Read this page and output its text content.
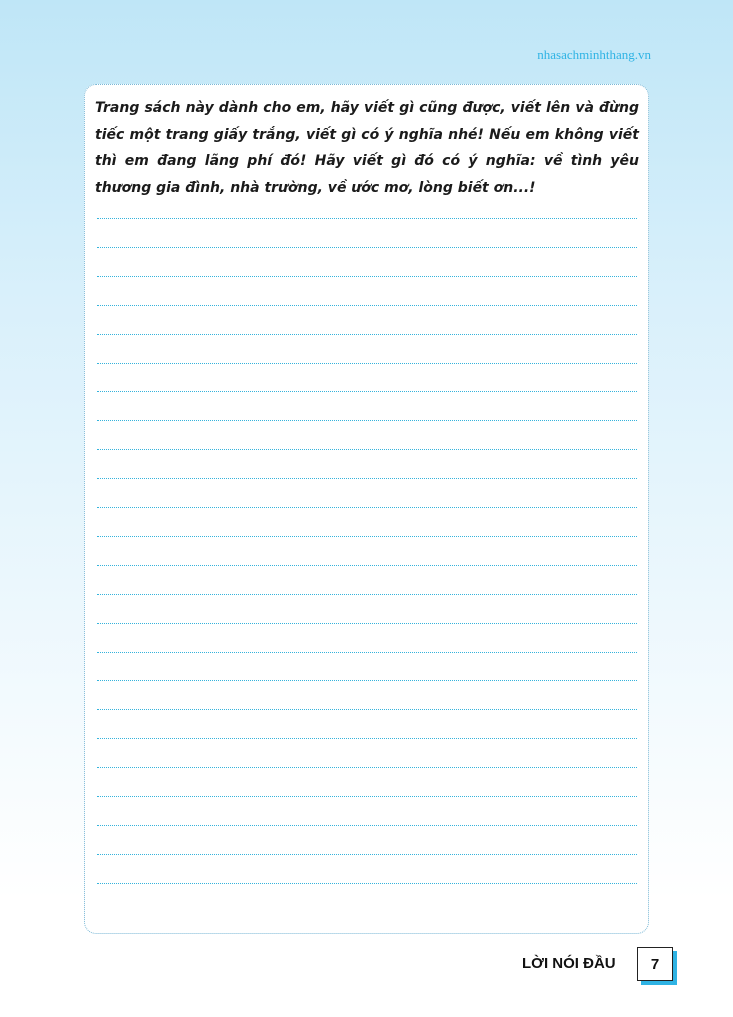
nhasachminhthang.vn
Trang sách này dành cho em, hãy viết gì cũng được, viết lên và đừng tiếc một trang giấy trắng, viết gì có ý nghĩa nhé! Nếu em không viết thì em đang lãng phí đó! Hãy viết gì đó có ý nghĩa: về tình yêu thương gia đình, nhà trường, về ước mơ, lòng biết ơn...!
LỜI NÓI ĐẦU 7
